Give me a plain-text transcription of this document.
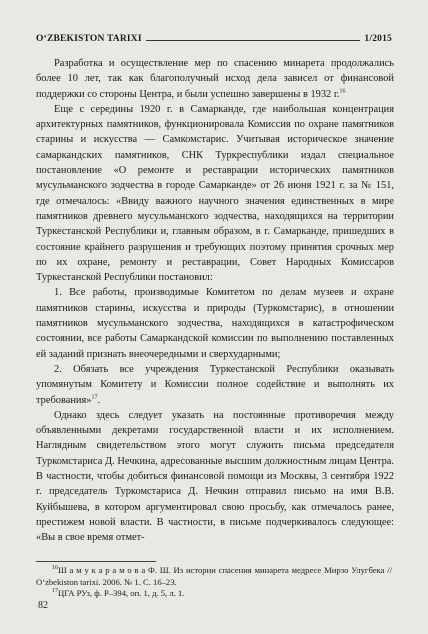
O‘ZBEKISTON TARIXI	1/2015

Разработка и осуществление мер по спасению минарета продолжались более 10 лет, так как благополучный исход дела зависел от финансовой поддержки со стороны Центра, и были успешно завершены в 1932 г.$^{16}$

Еще с середины 1920 г. в Самарканде, где наибольшая концентрация архитектурных памятников, функционировала Комиссия по охране памятников старины и искусства — Самкомстарис. Учитывая историческое значение самаркандских памятников, СНК Туркреспублики издал специальное постановление «О ремонте и реставрации исторических памятников мусульманского зодчества в городе Самарканде» от 26 июня 1921 г. за № 151, где отмечалось: «Ввиду важного научного значения единственных в мире памятников древнего мусульманского зодчества, находящихся на территории Туркестанской Республики и, главным образом, в г. Самарканде, пришедших в состояние крайнего разрушения и требующих поэтому принятия срочных мер по их охране, ремонту и реставрации, Совет Народных Комиссаров Туркестанской Республики постановил:

1. Все работы, производимые Комитетом по делам музеев и охране памятников старины, искусства и природы (Туркомстарис), в отношении памятников мусульманского зодчества, находящихся в катастрофическом состоянии, все работы Самаркандской комиссии по выполнению поставленных ей заданий признать внеочередными и сверхударными;

2. Обязать все учреждения Туркестанской Республики оказывать упомянутым Комитету и Комиссии полное содействие и выполнять их требования»$^{17}$.

Однако здесь следует указать на постоянные противоречия между объявленными декретами государственной власти и их исполнением. Наглядным свидетельством этого могут служить письма председателя Туркомстариса Д. Нечкина, адресованные высшим должностным лицам Центра. В частности, чтобы добиться финансовой помощи из Москвы, 3 сентября 1922 г. председатель Туркомстариса Д. Нечкин отправил письмо на имя В.В. Куйбышева, в котором аргументировал свою просьбу, как отмечалось ранее, престижем новой власти. В частности, в письме подчеркивалось следующее: «Вы в свое время отмет-

$^{16}$Ш а м у к а р а м о в а Ф. Ш. Из истории спасения минарета медресе Мирзо Улугбека // O‘zbekiston tarixi. 2006. № 1. С. 16–23.

$^{17}$ЦГА РУз, ф. Р–394, оп. 1, д. 5, л. 1.

82
